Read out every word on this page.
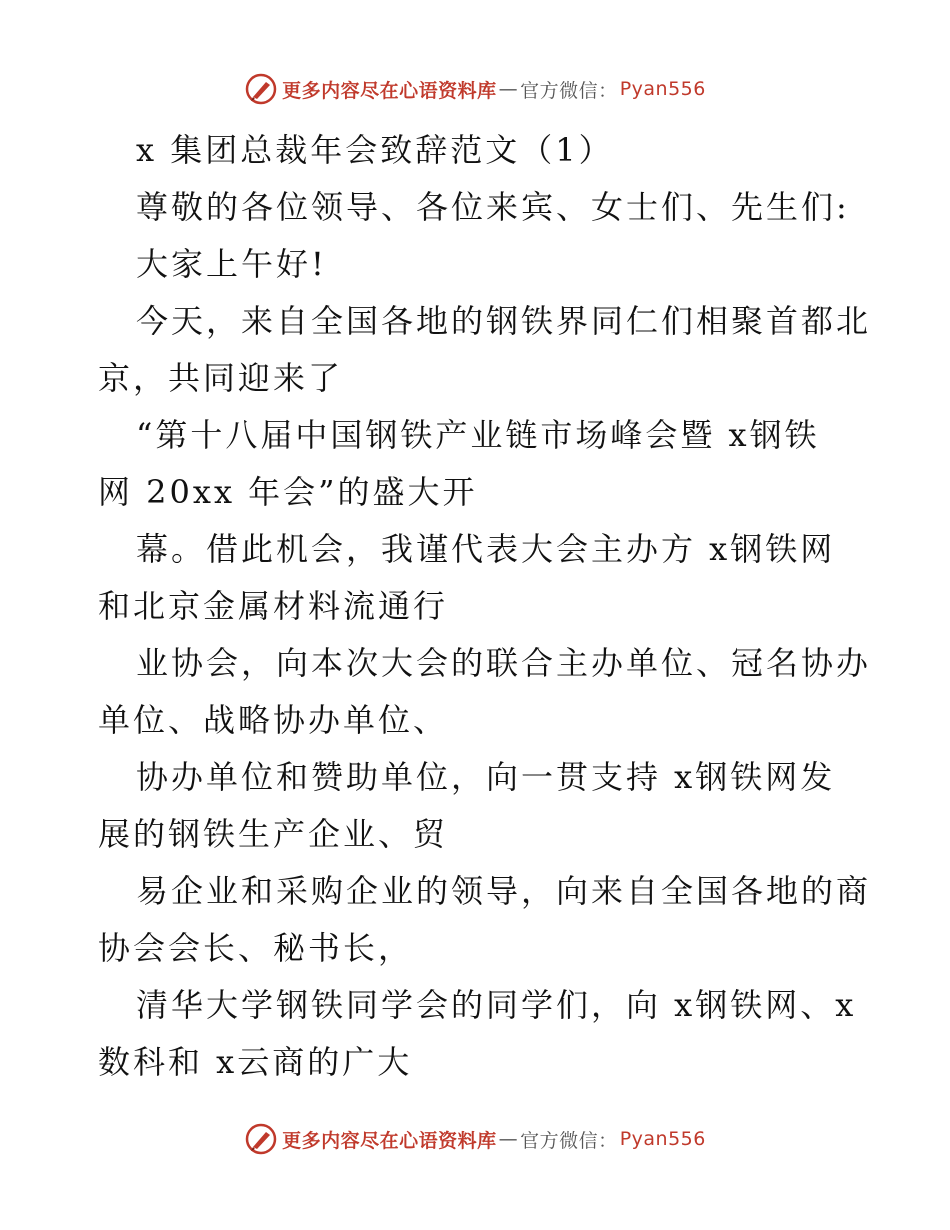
更多内容尽在心语资料库 — 官方微信： Pyan556
x 集团总裁年会致辞范文（1）
尊敬的各位领导、各位来宾、女士们、先生们:
大家上午好!
今天，来自全国各地的钢铁界同仁们相聚首都北
京，共同迎来了
“第十八届中国钢铁产业链市场峰会暨 x钢铁
网 20xx 年会”的盛大开
幕。借此机会，我谨代表大会主办方 x钢铁网
和北京金属材料流通行
业协会，向本次大会的联合主办单位、冠名协办
单位、战略协办单位、
协办单位和赞助单位，向一贯支持 x钢铁网发
展的钢铁生产企业、贸
易企业和采购企业的领导，向来自全国各地的商
协会会长、秘书长，
清华大学钢铁同学会的同学们，向 x钢铁网、x
数科和 x云商的广大
更多内容尽在心语资料库 — 官方微信： Pyan556
